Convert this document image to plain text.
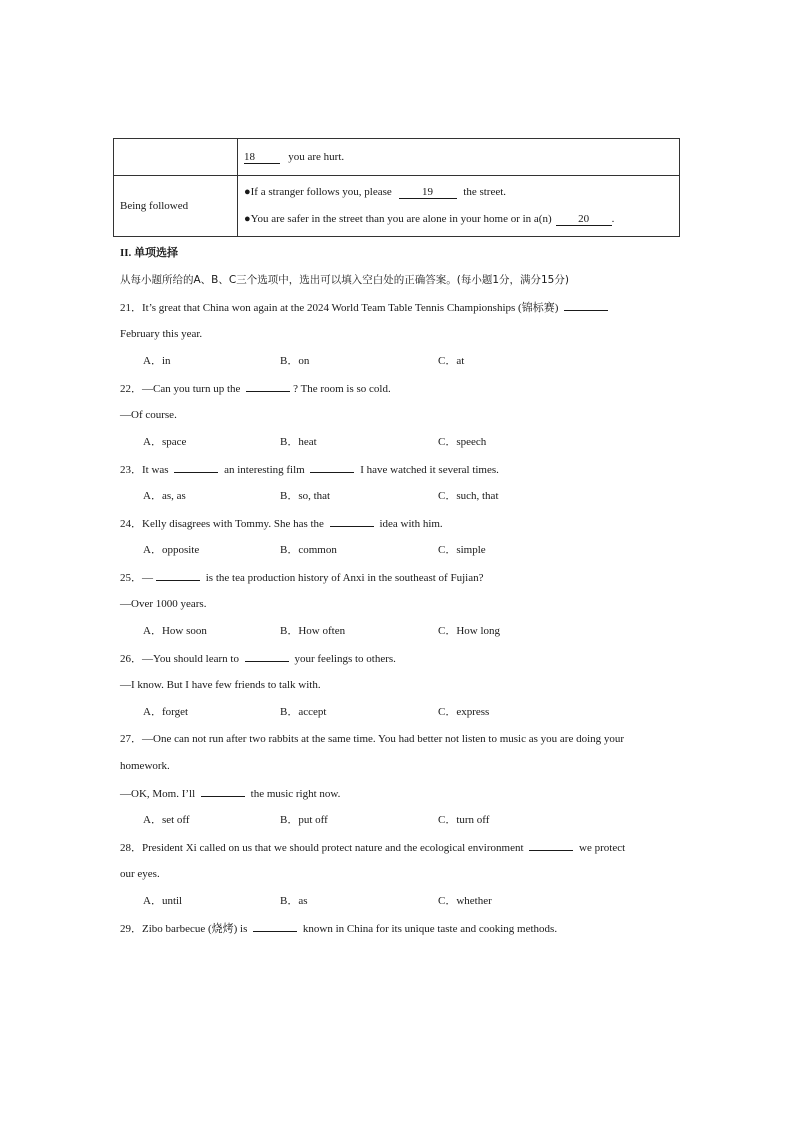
	18 you are hurt.

Being followed	●If a stranger follows you, please 19 the street.
●You are safer in the street than you are alone in your home or in a(n) 20 .
II. 单项选择
从每小题所给的A、B、C三个选项中，选出可以填入空白处的正确答案。(每小题1分，满分15分)
21．It’s great that China won again at the 2024 World Team Table Tennis Championships (锦标赛)
February this year.
A．in	B．on	C．at
22．—Can you turn up the	? The room is so cold.
—Of course.
A．space	B．heat	C．speech
23．It was	an interesting film	I have watched it several times.
A．as, as	B．so, that	C．such, that
24．Kelly disagrees with Tommy. She has the	idea with him.
A．opposite	B．common	C．simple
25．—	is the tea production history of Anxi in the southeast of Fujian?
—Over 1000 years.
A．How soon	B．How often	C．How long
26．—You should learn to	your feelings to others.
—I know. But I have few friends to talk with.
A．forget	B．accept	C．express
27．—One can not run after two rabbits at the same time. You had better not listen to music as you are doing your
homework.
—OK, Mom. I’ll	the music right now.
A．set off	B．put off	C．turn off
28．President Xi called on us that we should protect nature and the ecological environment	we protect
our eyes.
A．until	B．as	C．whether
29．Zibo barbecue (烧烤) is	known in China for its unique taste and cooking methods.
